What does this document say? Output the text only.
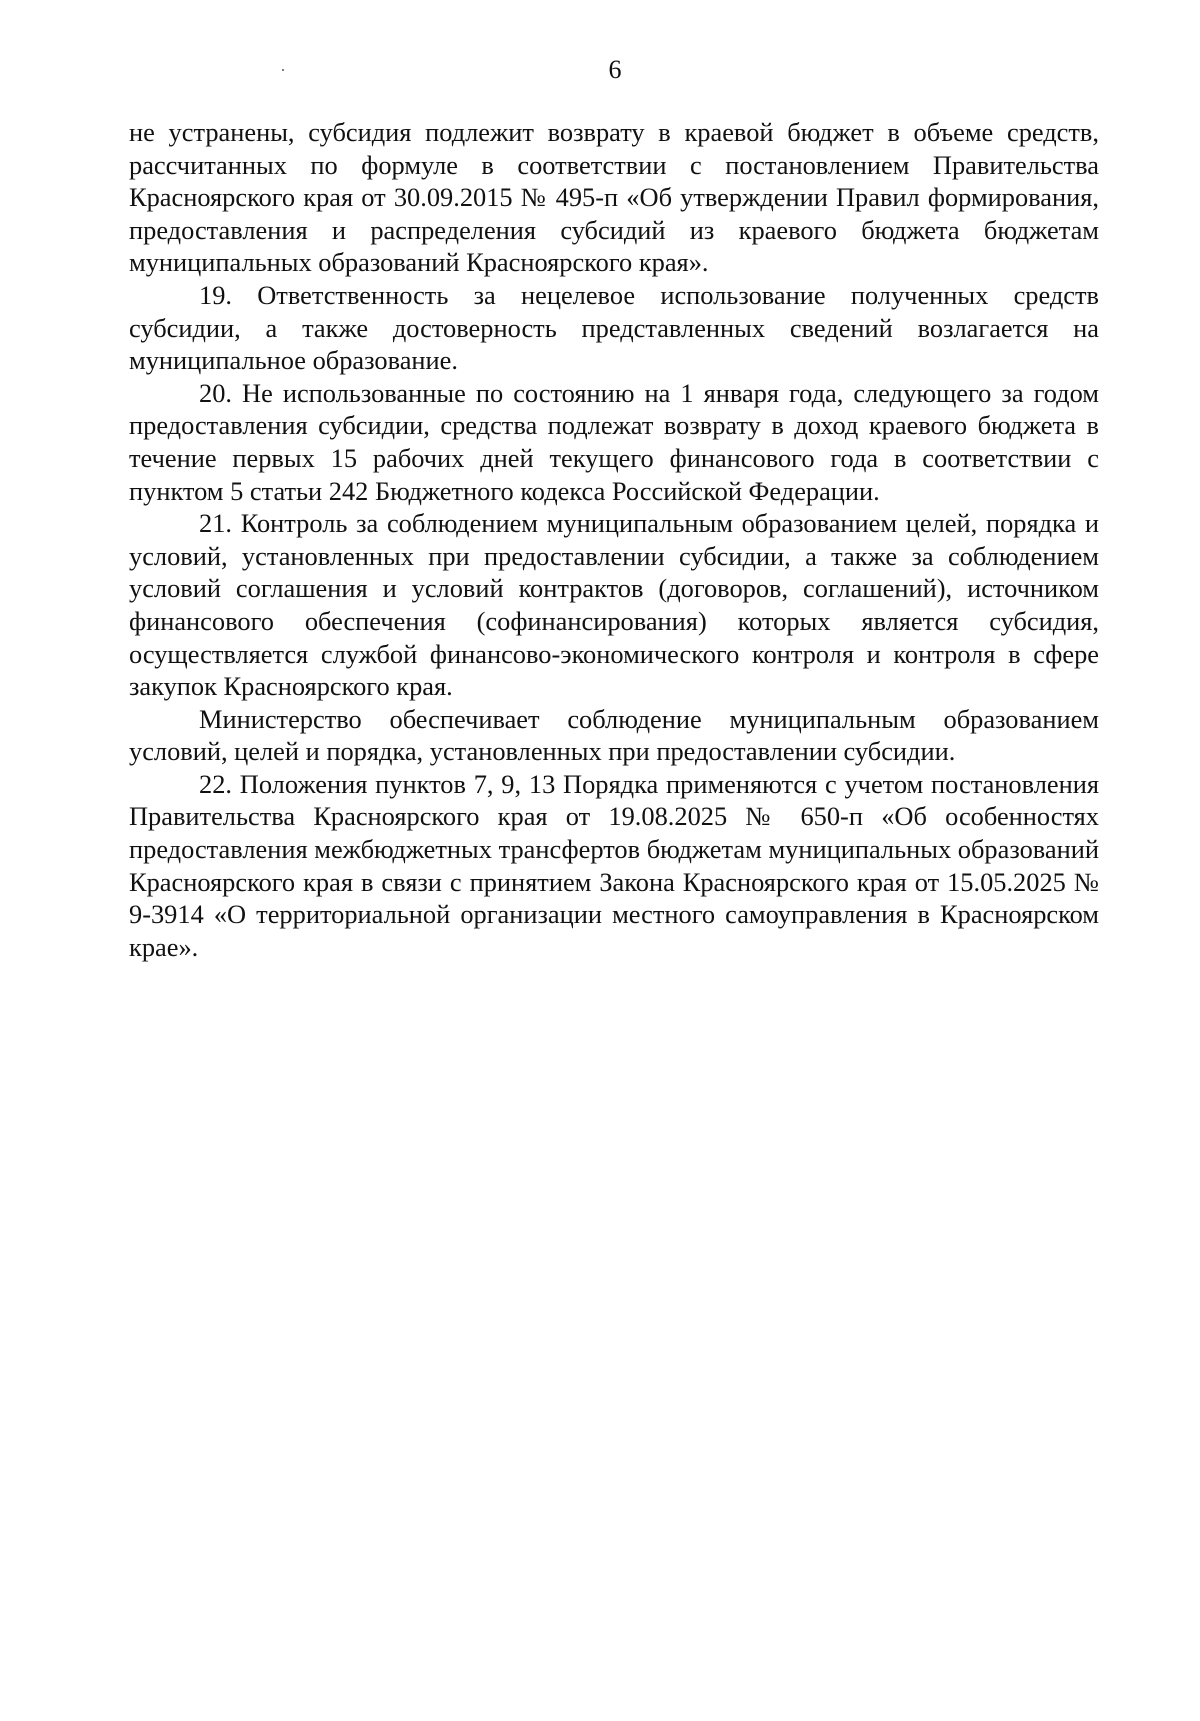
6

не устранены, субсидия подлежит возврату в краевой бюджет в объеме средств, рассчитанных по формуле в соответствии с постановлением Правительства Красноярского края от 30.09.2015 № 495-п «Об утверждении Правил формирования, предоставления и распределения субсидий из краевого бюджета бюджетам муниципальных образований Красноярского края».

19. Ответственность за нецелевое использование полученных средств субсидии, а также достоверность представленных сведений возлагается на муниципальное образование.

20. Не использованные по состоянию на 1 января года, следующего за годом предоставления субсидии, средства подлежат возврату в доход краевого бюджета в течение первых 15 рабочих дней текущего финансового года в соответствии с пунктом 5 статьи 242 Бюджетного кодекса Российской Федерации.

21. Контроль за соблюдением муниципальным образованием целей, порядка и условий, установленных при предоставлении субсидии, а также за соблюдением условий соглашения и условий контрактов (договоров, соглашений), источником финансового обеспечения (софинансирования) которых является субсидия, осуществляется службой финансово-экономического контроля и контроля в сфере закупок Красноярского края.

Министерство обеспечивает соблюдение муниципальным образованием условий, целей и порядка, установленных при предоставлении субсидии.

22. Положения пунктов 7, 9, 13 Порядка применяются с учетом постановления Правительства Красноярского края от 19.08.2025 № 650-п «Об особенностях предоставления межбюджетных трансфертов бюджетам муниципальных образований Красноярского края в связи с принятием Закона Красноярского края от 15.05.2025 № 9-3914 «О территориальной организации местного самоуправления в Красноярском крае».
